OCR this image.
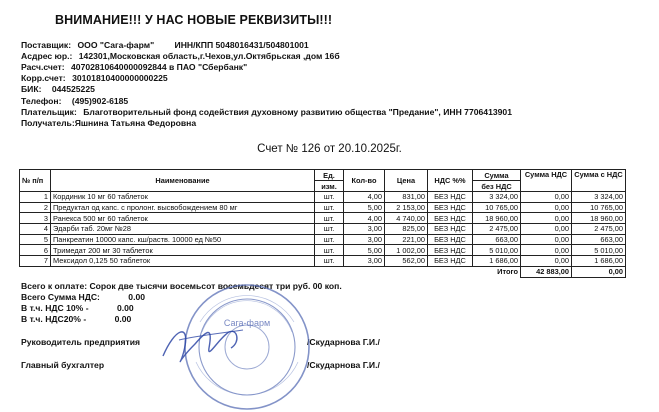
ВНИМАНИЕ!!! У НАС НОВЫЕ РЕКВИЗИТЫ!!!
Поставщик: ООО "Сага-фарм" ИНН/КПП 5048016431/504801001
Аcдрес юр.: 142301,Московская область,г.Чехов,ул.Октябрьская ,дом 16б
Расч.счет: 40702810640000092844 в ПАО "Сбербанк"
Корр.счет: 30101810400000000225
БИК: 044525225
Телефон: (495)902-6185
Плательщик: Благотворительный фонд содействия духовному развитию общества "Предание", ИНН 7706413901
Получатель:Яшнина Татьяна Федоровна
Счет № 126 от 20.10.2025г.
№ п/п	Наименование	Ед.	Кол-во	Цена	НДС %%	Сумма	Сумма НДС	Сумма с НДС	
		изм.				без НДС			
1	Кординик 10 мг 60 таблеток	шт.	4,00	831,00	БЕЗ НДС	3 324,00	0,00	3 324,00	
2	Предуктал од капс. с пролонг. высвобождением 80 мг	шт.	5,00	2 153,00	БЕЗ НДС	10 765,00	0,00	10 765,00	
3	Ранекса 500 мг 60 таблеток	шт.	4,00	4 740,00	БЕЗ НДС	18 960,00	0,00	18 960,00	
4	Эдарби таб. 20мг №28	шт.	3,00	825,00	БЕЗ НДС	2 475,00	0,00	2 475,00	
5	Панкреатин 10000 капс. кш/раств. 10000 ед №50	шт.	3,00	221,00	БЕЗ НДС	663,00	0,00	663,00	
6	Тримедат 200 мг 30 таблеток	шт.	5,00	1 002,00	БЕЗ НДС	5 010,00	0,00	5 010,00	
7	Мексидол 0,125 50 таблеток	шт.	3,00	562,00	БЕЗ НДС	1 686,00	0,00	1 686,00	
						Итого	42 883,00	0,00	
Всего к оплате: Сорок две тысячи восемьсот восемьдесят три руб. 00 коп.
Всего Сумма НДС:	0.00
В т.ч. НДС 10% -	0.00
В т.ч. НДС20% -	0.00
Руководитель предприятия	/Скударнова Г.И./
Главный бухгалтер	/Скударнова Г.И./
Сага-фарм
